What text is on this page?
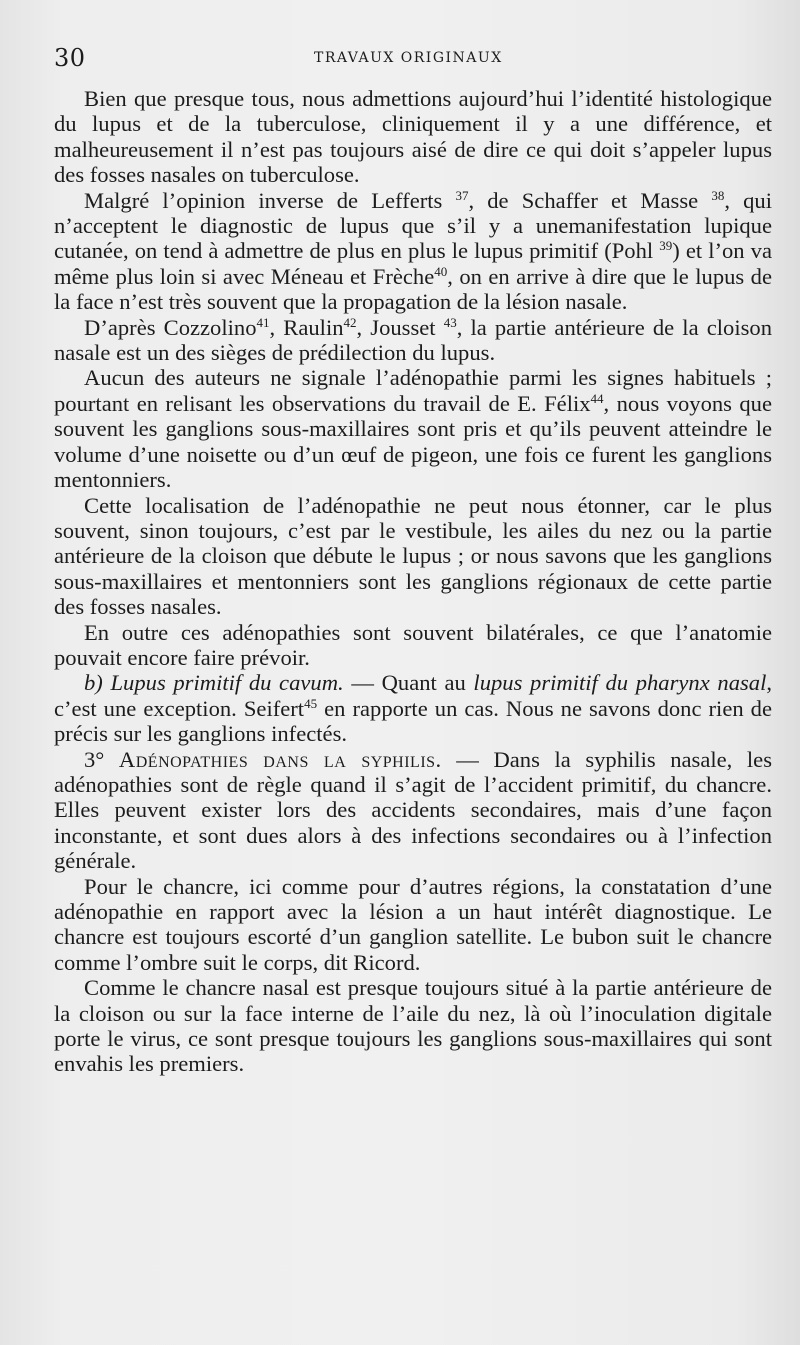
30	TRAVAUX ORIGINAUX

Bien que presque tous, nous admettions aujourd’hui l’identité histologique du lupus et de la tuberculose, cliniquement il y a une différence, et malheureusement il n’est pas toujours aisé de dire ce qui doit s’appeler lupus des fosses nasales on tuberculose.

Malgré l’opinion inverse de Lefferts $^{37}$, de Schaffer et Masse $^{38}$, qui n’acceptent le diagnostic de lupus que s’il y a unemanifestation lupique cutanée, on tend à admettre de plus en plus le lupus primitif (Pohl $^{39}$) et l’on va même plus loin si avec Méneau et Frèche$^{40}$, on en arrive à dire que le lupus de la face n’est très souvent que la propagation de la lésion nasale.

D’après Cozzolino$^{41}$, Raulin$^{42}$, Jousset $^{43}$, la partie antérieure de la cloison nasale est un des sièges de prédilection du lupus.

Aucun des auteurs ne signale l’adénopathie parmi les signes habituels ; pourtant en relisant les observations du travail de E. Félix$^{44}$, nous voyons que souvent les ganglions sous-maxillaires sont pris et qu’ils peuvent atteindre le volume d’une noisette ou d’un œuf de pigeon, une fois ce furent les ganglions mentonniers.

Cette localisation de l’adénopathie ne peut nous étonner, car le plus souvent, sinon toujours, c’est par le vestibule, les ailes du nez ou la partie antérieure de la cloison que débute le lupus ; or nous savons que les ganglions sous-maxillaires et mentonniers sont les ganglions régionaux de cette partie des fosses nasales.

En outre ces adénopathies sont souvent bilatérales, ce que l’anatomie pouvait encore faire prévoir.

b) Lupus primitif du cavum. — Quant au lupus primitif du pharynx nasal, c’est une exception. Seifert$^{45}$ en rapporte un cas. Nous ne savons donc rien de précis sur les ganglions infectés.

3° Adénopathies dans la syphilis. — Dans la syphilis nasale, les adénopathies sont de règle quand il s’agit de l’accident primitif, du chancre. Elles peuvent exister lors des accidents secondaires, mais d’une façon inconstante, et sont dues alors à des infections secondaires ou à l’infection générale.

Pour le chancre, ici comme pour d’autres régions, la constatation d’une adénopathie en rapport avec la lésion a un haut intérêt diagnostique. Le chancre est toujours escorté d’un ganglion satellite. Le bubon suit le chancre comme l’ombre suit le corps, dit Ricord.

Comme le chancre nasal est presque toujours situé à la partie antérieure de la cloison ou sur la face interne de l’aile du nez, là où l’inoculation digitale porte le virus, ce sont presque toujours les ganglions sous-maxillaires qui sont envahis les premiers.
